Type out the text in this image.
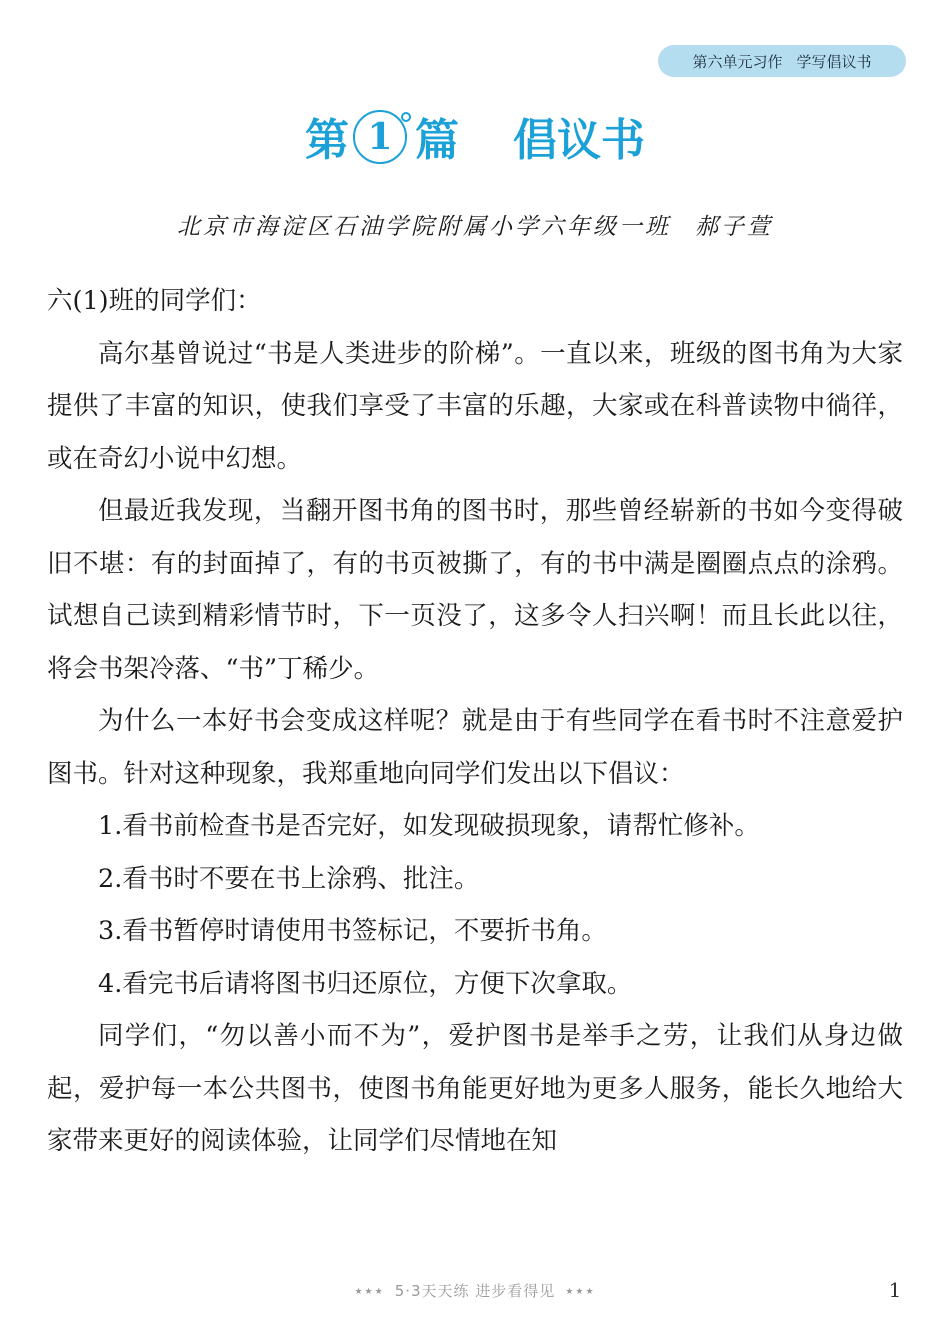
第六单元习作 学写倡议书
第 1 篇 倡议书
北京市海淀区石油学院附属小学六年级一班 郝子萱

六(1)班的同学们：

高尔基曾说过“书是人类进步的阶梯”。一直以来，班级的图书角为大家提供了丰富的知识，使我们享受了丰富的乐趣，大家或在科普读物中徜徉，或在奇幻小说中幻想。

但最近我发现，当翻开图书角的图书时，那些曾经崭新的书如今变得破旧不堪：有的封面掉了，有的书页被撕了，有的书中满是圈圈点点的涂鸦。试想自己读到精彩情节时，下一页没了，这多令人扫兴啊！而且长此以往，将会书架冷落、“书”丁稀少。

为什么一本好书会变成这样呢？就是由于有些同学在看书时不注意爱护图书。针对这种现象，我郑重地向同学们发出以下倡议：

1.看书前检查书是否完好，如发现破损现象，请帮忙修补。

2.看书时不要在书上涂鸦、批注。

3.看书暂停时请使用书签标记，不要折书角。

4.看完书后请将图书归还原位，方便下次拿取。

同学们，“勿以善小而不为”，爱护图书是举手之劳，让我们从身边做起，爱护每一本公共图书，使图书角能更好地为更多人服务，能长久地给大家带来更好的阅读体验，让同学们尽情地在知

★★★ 5·3天天练 进步看得见 ★★★	1
